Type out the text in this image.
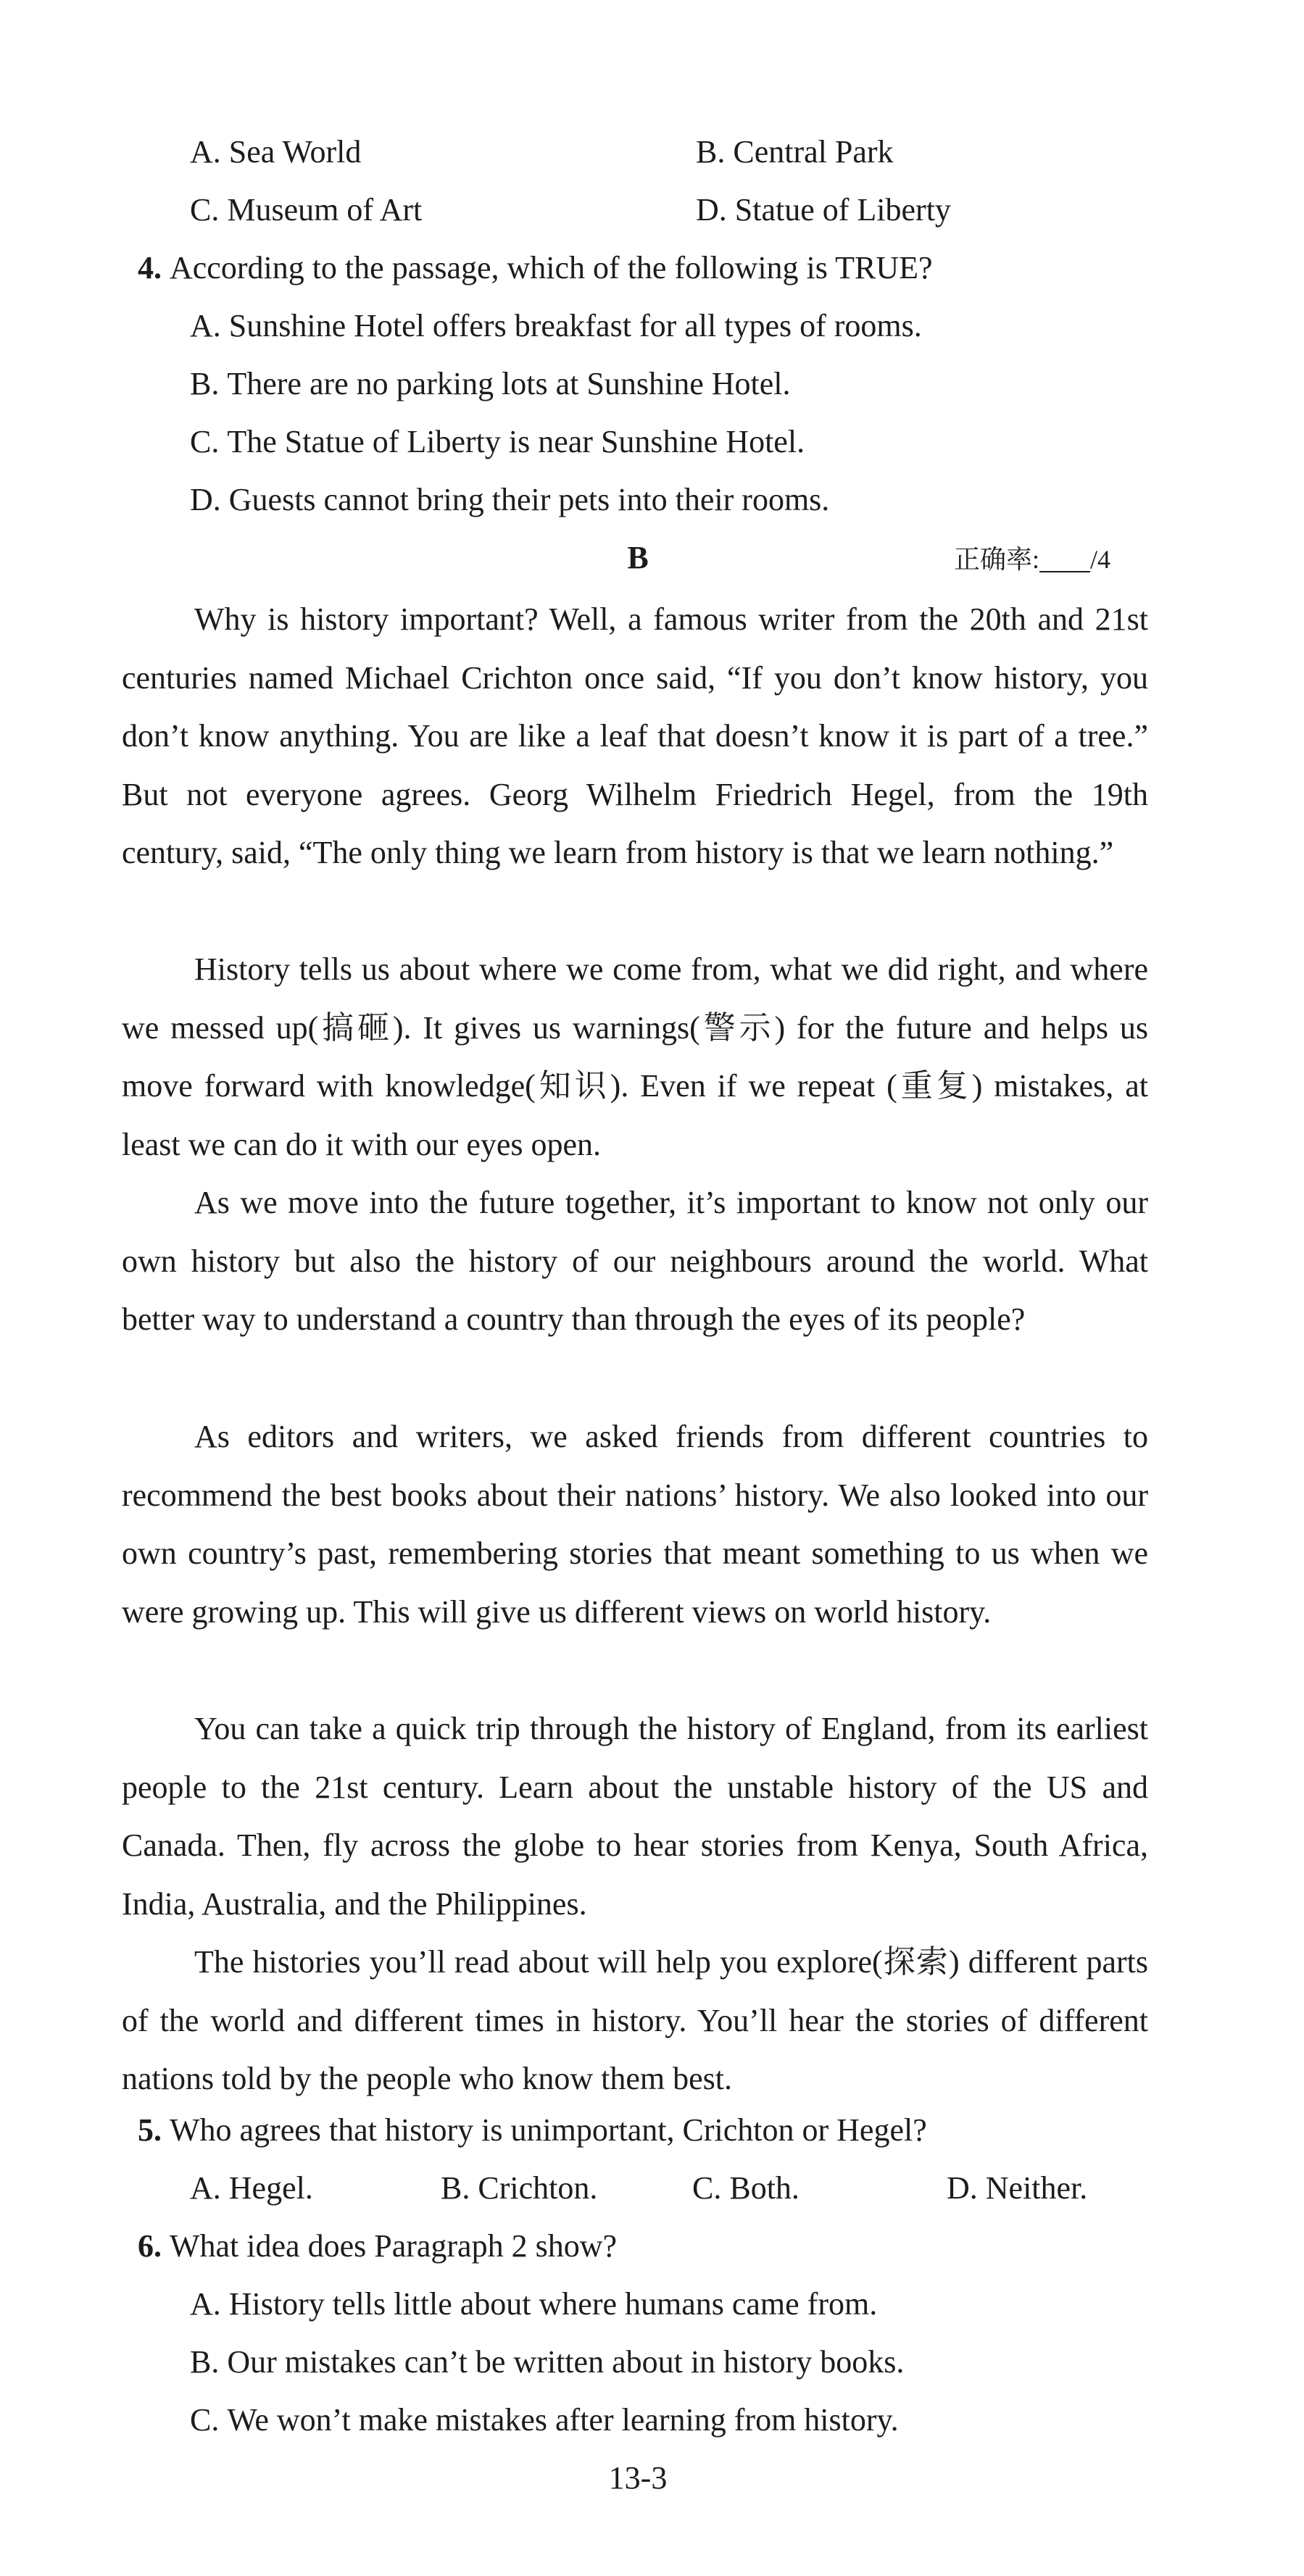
A. Sea World	B. Central Park
C. Museum of Art	D. Statue of Liberty
4. According to the passage, which of the following is TRUE?
A. Sunshine Hotel offers breakfast for all types of rooms.
B. There are no parking lots at Sunshine Hotel.
C. The Statue of Liberty is near Sunshine Hotel.
D. Guests cannot bring their pets into their rooms.
B	正确率: /4
Why is history important? Well, a famous writer from the 20th and 21st centuries named Michael Crichton once said, “If you don’t know history, you don’t know anything. You are like a leaf that doesn’t know it is part of a tree.” But not everyone agrees. Georg Wilhelm Friedrich Hegel, from the 19th century, said, “The only thing we learn from history is that we learn nothing.”
History tells us about where we come from, what we did right, and where we messed up(搞砸). It gives us warnings(警示) for the future and helps us move forward with knowledge(知识). Even if we repeat (重复) mistakes, at least we can do it with our eyes open.
As we move into the future together, it’s important to know not only our own history but also the history of our neighbours around the world. What better way to understand a country than through the eyes of its people?
As editors and writers, we asked friends from different countries to recommend the best books about their nations’ history. We also looked into our own country’s past, remembering stories that meant something to us when we were growing up. This will give us different views on world history.
You can take a quick trip through the history of England, from its earliest people to the 21st century. Learn about the unstable history of the US and Canada. Then, fly across the globe to hear stories from Kenya, South Africa, India, Australia, and the Philippines.
The histories you’ll read about will help you explore(探索) different parts of the world and different times in history. You’ll hear the stories of different nations told by the people who know them best.
5. Who agrees that history is unimportant, Crichton or Hegel?
A. Hegel.	B. Crichton.	C. Both.	D. Neither.
6. What idea does Paragraph 2 show?
A. History tells little about where humans came from.
B. Our mistakes can’t be written about in history books.
C. We won’t make mistakes after learning from history.
13-3
